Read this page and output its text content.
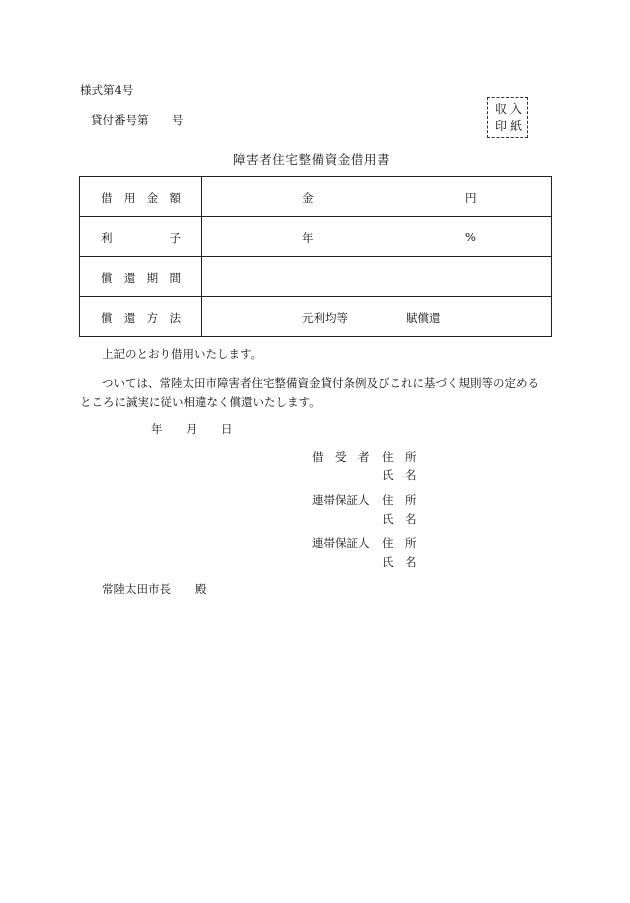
様式第4号
貸付番号第 号
収 入
印 紙
障害者住宅整備資金借用書
借 用 金 額	金 円

利 子	年 %

償 還 期 間	

償 還 方 法	元利均等 賦償還
上記のとおり借用いたします。
ついては、常陸太田市障害者住宅整備資金貸付条例及びこれに基づく規則等の定める
ところに誠実に従い相違なく償還いたします。
年 月 日
借　受　者 住　所
氏　名
連帯保証人 住　所
氏　名
連帯保証人 住　所
氏　名
常陸太田市長 殿
